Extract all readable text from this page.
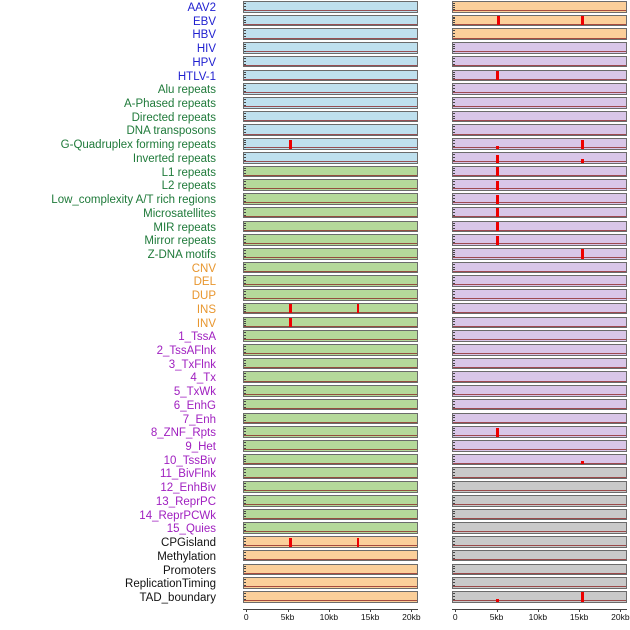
AAV2
EBV
HBV
HIV
HPV
HTLV-1
Alu repeats
A-Phased repeats
Directed repeats
DNA transposons
G-Quadruplex forming repeats
Inverted repeats
L1 repeats
L2 repeats
Low_complexity A/T rich regions
Microsatellites
MIR repeats
Mirror repeats
Z-DNA motifs
CNV
DEL
DUP
INS
INV
1_TssA
2_TssAFlnk
3_TxFlnk
4_Tx
5_TxWk
6_EnhG
7_Enh
8_ZNF_Rpts
9_Het
10_TssBiv
11_BivFlnk
12_EnhBiv
13_ReprPC
14_ReprPCWk
15_Quies
CPGisland
Methylation
Promoters
ReplicationTiming
TAD_boundary
0	5kb	10kb	15kb	20kb	0	5kb	10kb	15kb	20kb
